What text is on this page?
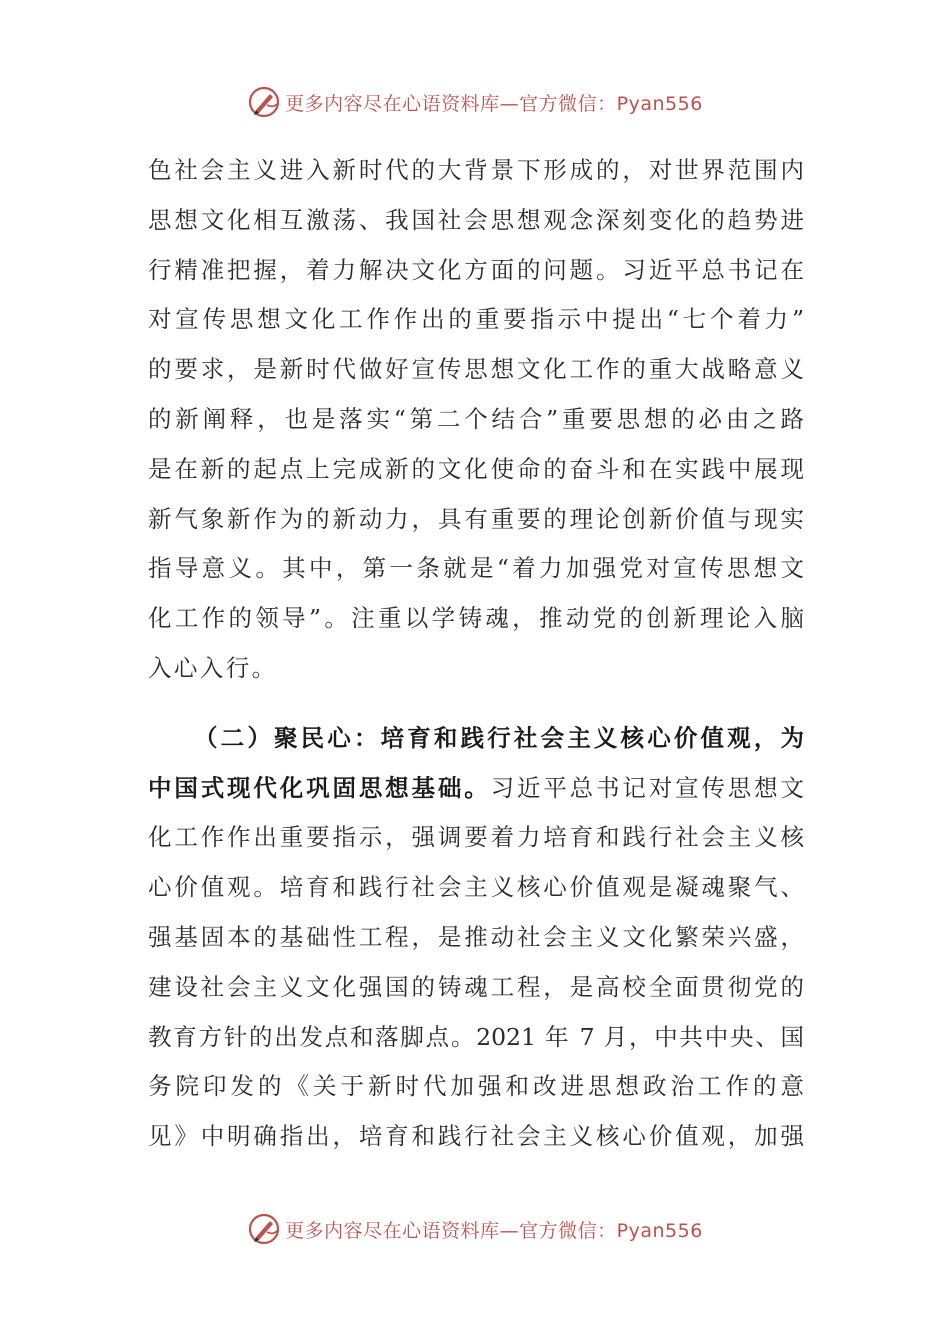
更多内容尽在心语资料库—官方微信：Pyan556
色社会主义进入新时代的大背景下形成的，对世界范围内
思想文化相互激荡、我国社会思想观念深刻变化的趋势进
行精准把握，着力解决文化方面的问题。习近平总书记在
对宣传思想文化工作作出的重要指示中提出“七个着力”
的要求，是新时代做好宣传思想文化工作的重大战略意义
的新阐释，也是落实“第二个结合”重要思想的必由之路
是在新的起点上完成新的文化使命的奋斗和在实践中展现
新气象新作为的新动力，具有重要的理论创新价值与现实
指导意义。其中，第一条就是“着力加强党对宣传思想文
化工作的领导”。注重以学铸魂，推动党的创新理论入脑
入心入行。
（二）聚民心：培育和践行社会主义核心价值观，为
中国式现代化巩固思想基础。习近平总书记对宣传思想文
化工作作出重要指示，强调要着力培育和践行社会主义核
心价值观。培育和践行社会主义核心价值观是凝魂聚气、
强基固本的基础性工程，是推动社会主义文化繁荣兴盛，
建设社会主义文化强国的铸魂工程，是高校全面贯彻党的
教育方针的出发点和落脚点。2021 年 7 月，中共中央、国
务院印发的《关于新时代加强和改进思想政治工作的意
见》中明确指出，培育和践行社会主义核心价值观，加强
更多内容尽在心语资料库—官方微信：Pyan556
